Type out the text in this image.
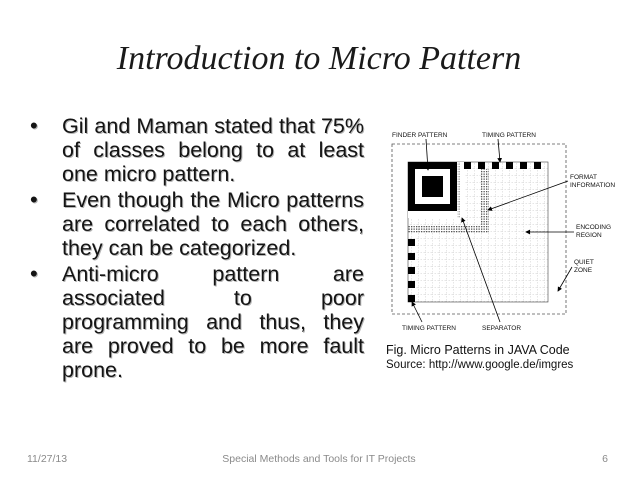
Introduction to Micro Pattern
• Gil and Maman stated that 75% of classes belong to at least one micro pattern.
• Even though the Micro patterns are correlated to each others, they can be categorized.
• Anti-micro pattern are associated to poor programming and thus, they are proved to be more fault prone.
FINDER PATTERN	TIMING PATTERN
FORMAT
INFORMATION
ENCODING
REGION
QUIET
ZONE
TIMING PATTERN	SEPARATOR
Fig. Micro Patterns in JAVA Code
Source: http://www.google.de/imgres
11/27/13	Special Methods and Tools for IT Projects	6
